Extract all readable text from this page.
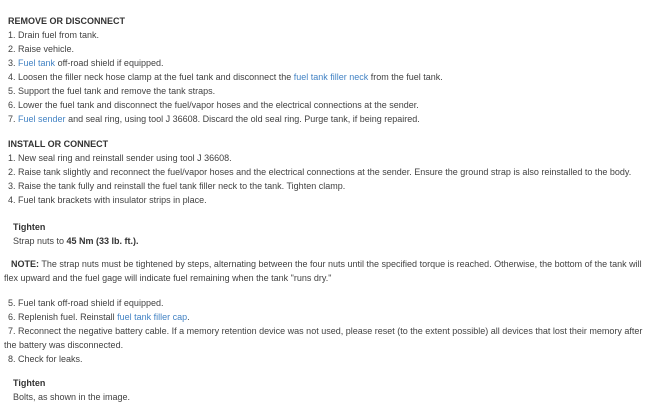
REMOVE OR DISCONNECT
1. Drain fuel from tank.
2. Raise vehicle.
3. Fuel tank off-road shield if equipped.
4. Loosen the filler neck hose clamp at the fuel tank and disconnect the fuel tank filler neck from the fuel tank.
5. Support the fuel tank and remove the tank straps.
6. Lower the fuel tank and disconnect the fuel/vapor hoses and the electrical connections at the sender.
7. Fuel sender and seal ring, using tool J 36608. Discard the old seal ring. Purge tank, if being repaired.
INSTALL OR CONNECT
1. New seal ring and reinstall sender using tool J 36608.
2. Raise tank slightly and reconnect the fuel/vapor hoses and the electrical connections at the sender. Ensure the ground strap is also reinstalled to the body.
3. Raise the tank fully and reinstall the fuel tank filler neck to the tank. Tighten clamp.
4. Fuel tank brackets with insulator strips in place.
Tighten
Strap nuts to 45 Nm (33 lb. ft.).
NOTE: The strap nuts must be tightened by steps, alternating between the four nuts until the specified torque is reached. Otherwise, the bottom of the tank will flex upward and the fuel gage will indicate fuel remaining when the tank "runs dry."
5. Fuel tank off-road shield if equipped.
6. Replenish fuel. Reinstall fuel tank filler cap.
7. Reconnect the negative battery cable. If a memory retention device was not used, please reset (to the extent possible) all devices that lost their memory after the battery was disconnected.
8. Check for leaks.
Tighten
Bolts, as shown in the image.
